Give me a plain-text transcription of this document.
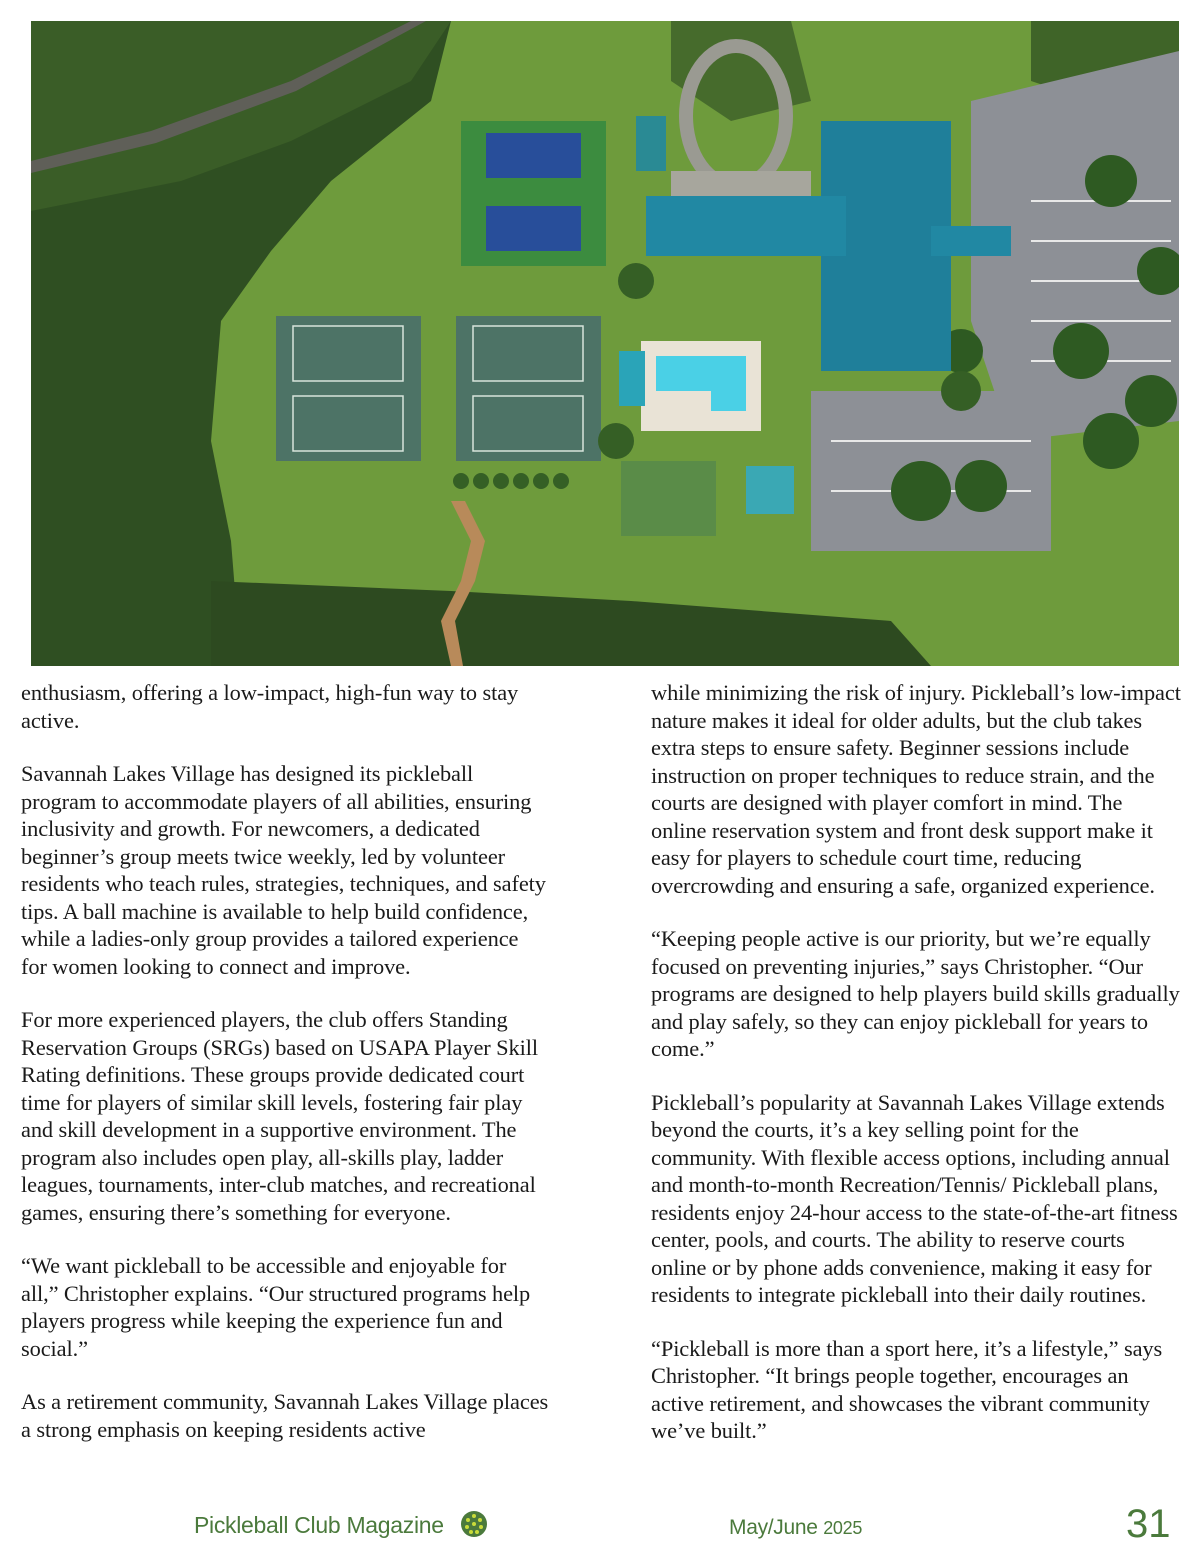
enthusiasm, offering a low-impact, high-fun way to stay active.

Savannah Lakes Village has designed its pickleball program to accommodate players of all abilities, ensuring inclusivity and growth. For newcomers, a dedicated beginner’s group meets twice weekly, led by volunteer residents who teach rules, strategies, techniques, and safety tips. A ball machine is available to help build confidence, while a ladies-only group provides a tailored experience for women looking to connect and improve.

For more experienced players, the club offers Standing Reservation Groups (SRGs) based on USAPA Player Skill Rating definitions. These groups provide dedicated court time for players of similar skill levels, fostering fair play and skill development in a supportive environment. The program also includes open play, all-skills play, ladder leagues, tournaments, inter-club matches, and recreational games, ensuring there’s something for everyone.

“We want pickleball to be accessible and enjoyable for all,” Christopher explains. “Our structured programs help players progress while keeping the experience fun and social.”

As a retirement community, Savannah Lakes Village places a strong emphasis on keeping residents active

while minimizing the risk of injury. Pickleball’s low-impact nature makes it ideal for older adults, but the club takes extra steps to ensure safety. Beginner sessions include instruction on proper techniques to reduce strain, and the courts are designed with player comfort in mind. The online reservation system and front desk support make it easy for players to schedule court time, reducing overcrowding and ensuring a safe, organized experience.

“Keeping people active is our priority, but we’re equally focused on preventing injuries,” says Christopher. “Our programs are designed to help players build skills gradually and play safely, so they can enjoy pickleball for years to come.”

Pickleball’s popularity at Savannah Lakes Village extends beyond the courts, it’s a key selling point for the community. With flexible access options, including annual and month-to-month Recreation/Tennis/ Pickleball plans, residents enjoy 24-hour access to the state-of-the-art fitness center, pools, and courts. The ability to reserve courts online or by phone adds convenience, making it easy for residents to integrate pickleball into their daily routines.

“Pickleball is more than a sport here, it’s a lifestyle,” says Christopher. “It brings people together, encourages an active retirement, and showcases the vibrant community we’ve built.”

Pickleball Club Magazine	May/June 2025	31
